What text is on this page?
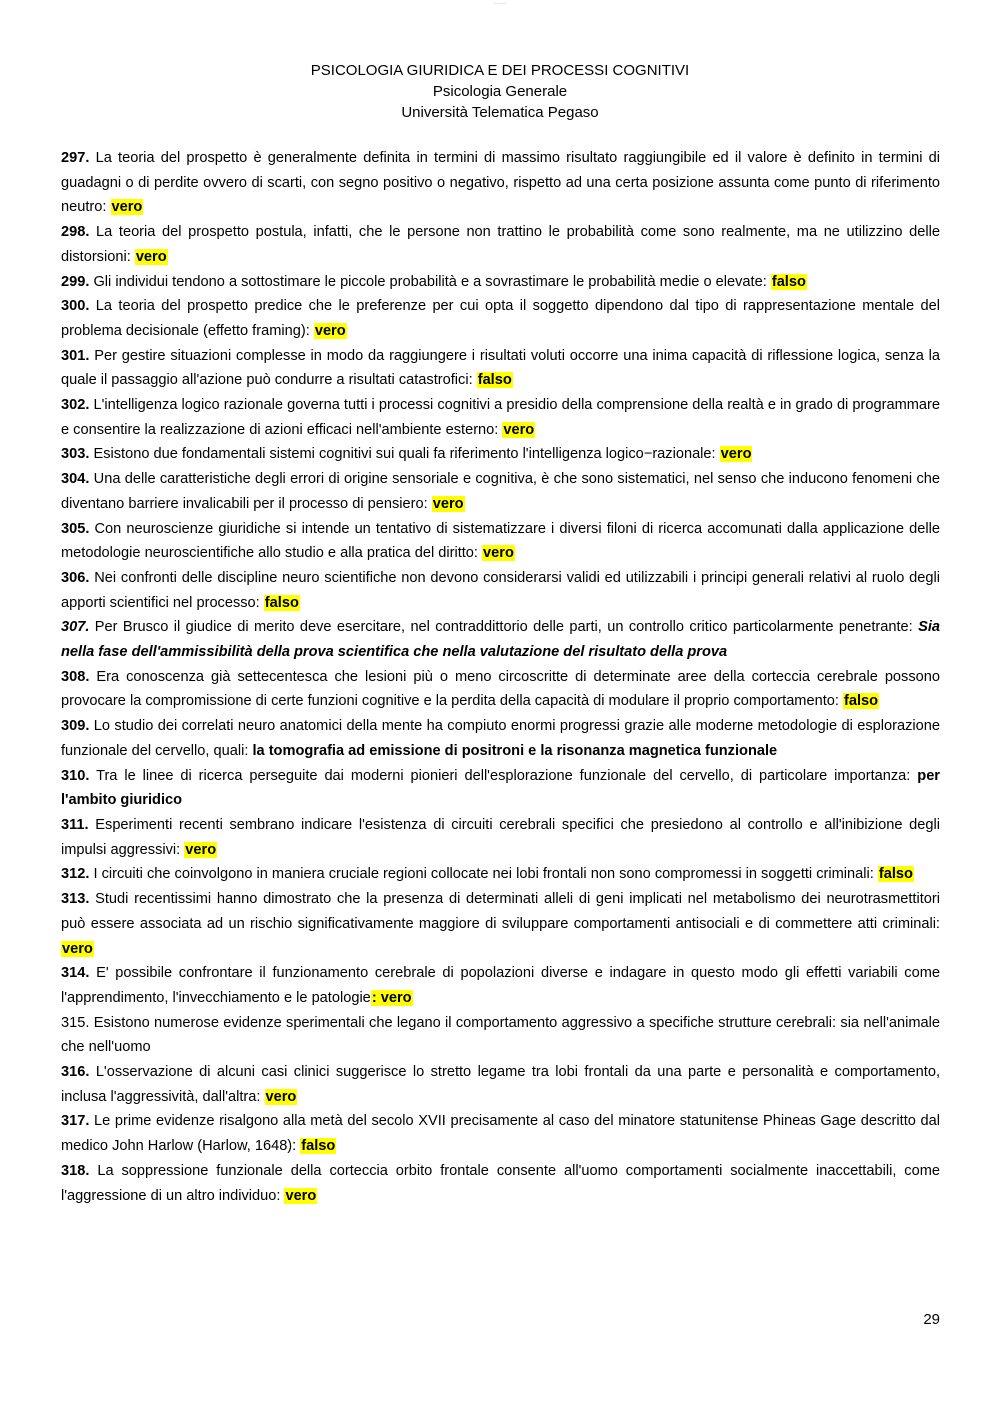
— ——
PSICOLOGIA GIURIDICA E DEI PROCESSI COGNITIVI
Psicologia Generale
Università Telematica Pegaso

297. La teoria del prospetto è generalmente definita in termini di massimo risultato raggiungibile ed il valore è definito in termini di guadagni o di perdite ovvero di scarti, con segno positivo o negativo, rispetto ad una certa posizione assunta come punto di riferimento neutro: vero

298. La teoria del prospetto postula, infatti, che le persone non trattino le probabilità come sono realmente, ma ne utilizzino delle distorsioni: vero

299. Gli individui tendono a sottostimare le piccole probabilità e a sovrastimare le probabilità medie o elevate: falso

300. La teoria del prospetto predice che le preferenze per cui opta il soggetto dipendono dal tipo di rappresentazione mentale del problema decisionale (effetto framing): vero

301. Per gestire situazioni complesse in modo da raggiungere i risultati voluti occorre una inima capacità di riflessione logica, senza la quale il passaggio all'azione può condurre a risultati catastrofici: falso

302. L'intelligenza logico razionale governa tutti i processi cognitivi a presidio della comprensione della realtà e in grado di programmare e consentire la realizzazione di azioni efficaci nell'ambiente esterno: vero

303. Esistono due fondamentali sistemi cognitivi sui quali fa riferimento l'intelligenza logico−razionale: vero

304. Una delle caratteristiche degli errori di origine sensoriale e cognitiva, è che sono sistematici, nel senso che inducono fenomeni che diventano barriere invalicabili per il processo di pensiero: vero

305. Con neuroscienze giuridiche si intende un tentativo di sistematizzare i diversi filoni di ricerca accomunati dalla applicazione delle metodologie neuroscientifiche allo studio e alla pratica del diritto: vero

306. Nei confronti delle discipline neuro scientifiche non devono considerarsi validi ed utilizzabili i principi generali relativi al ruolo degli apporti scientifici nel processo: falso

307. Per Brusco il giudice di merito deve esercitare, nel contraddittorio delle parti, un controllo critico particolarmente penetrante: Sia nella fase dell'ammissibilità della prova scientifica che nella valutazione del risultato della prova

308. Era conoscenza già settecentesca che lesioni più o meno circoscritte di determinate aree della corteccia cerebrale possono provocare la compromissione di certe funzioni cognitive e la perdita della capacità di modulare il proprio comportamento: falso

309. Lo studio dei correlati neuro anatomici della mente ha compiuto enormi progressi grazie alle moderne metodologie di esplorazione funzionale del cervello, quali: la tomografia ad emissione di positroni e la risonanza magnetica funzionale

310. Tra le linee di ricerca perseguite dai moderni pionieri dell'esplorazione funzionale del cervello, di particolare importanza: per l'ambito giuridico

311. Esperimenti recenti sembrano indicare l'esistenza di circuiti cerebrali specifici che presiedono al controllo e all'inibizione degli impulsi aggressivi: vero

312. I circuiti che coinvolgono in maniera cruciale regioni collocate nei lobi frontali non sono compromessi in soggetti criminali: falso

313. Studi recentissimi hanno dimostrato che la presenza di determinati alleli di geni implicati nel metabolismo dei neurotrasmettitori può essere associata ad un rischio significativamente maggiore di sviluppare comportamenti antisociali e di commettere atti criminali: vero

314. E' possibile confrontare il funzionamento cerebrale di popolazioni diverse e indagare in questo modo gli effetti variabili come l'apprendimento, l'invecchiamento e le patologie: vero

315. Esistono numerose evidenze sperimentali che legano il comportamento aggressivo a specifiche strutture cerebrali: sia nell'animale che nell'uomo

316. L'osservazione di alcuni casi clinici suggerisce lo stretto legame tra lobi frontali da una parte e personalità e comportamento, inclusa l'aggressività, dall'altra: vero

317. Le prime evidenze risalgono alla metà del secolo XVII precisamente al caso del minatore statunitense Phineas Gage descritto dal medico John Harlow (Harlow, 1648): falso

318. La soppressione funzionale della corteccia orbito frontale consente all'uomo comportamenti socialmente inaccettabili, come l'aggressione di un altro individuo: vero

29
